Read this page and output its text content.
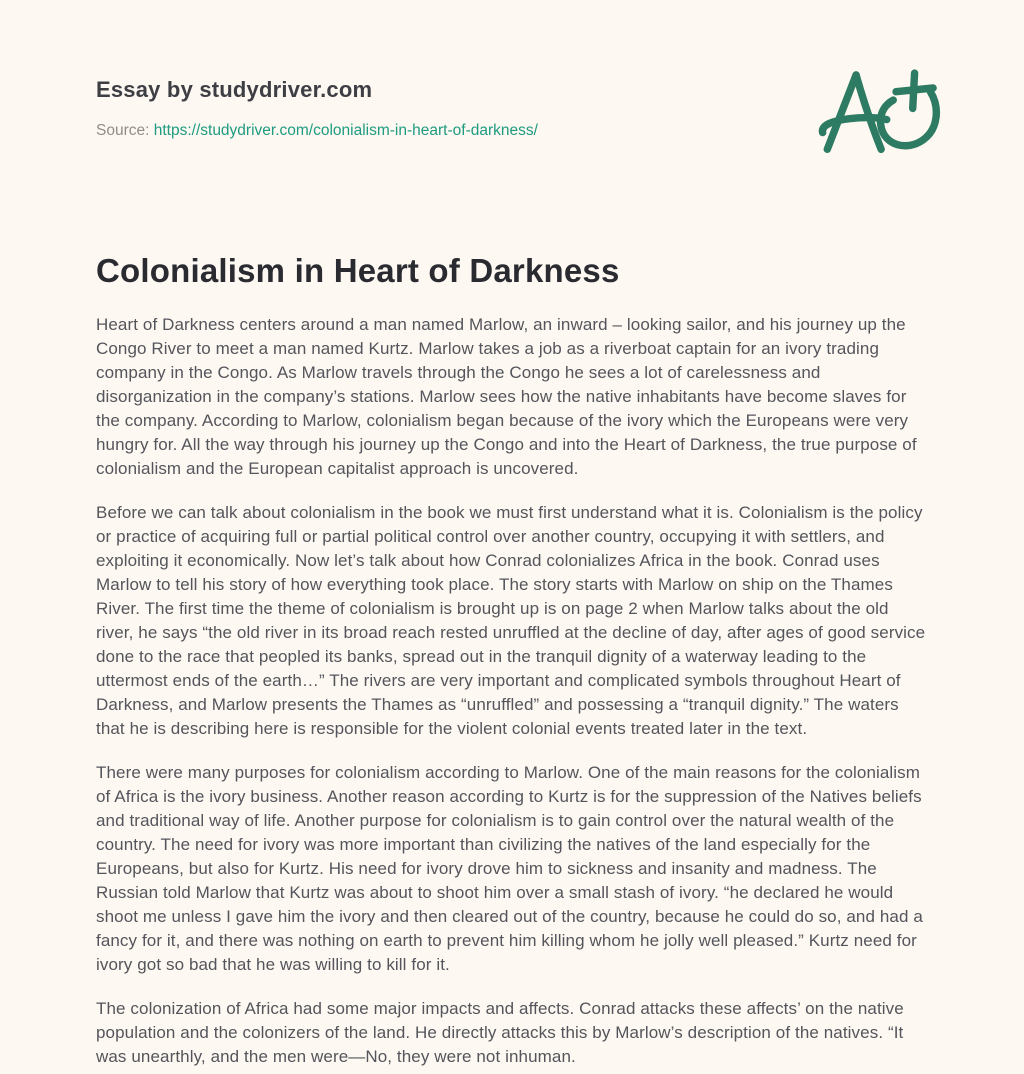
Essay by studydriver.com
Source: https://studydriver.com/colonialism-in-heart-of-darkness/
Colonialism in Heart of Darkness

Heart of Darkness centers around a man named Marlow, an inward – looking sailor, and his journey up the Congo River to meet a man named Kurtz. Marlow takes a job as a riverboat captain for an ivory trading company in the Congo. As Marlow travels through the Congo he sees a lot of carelessness and disorganization in the company’s stations. Marlow sees how the native inhabitants have become slaves for the company. According to Marlow, colonialism began because of the ivory which the Europeans were very hungry for. All the way through his journey up the Congo and into the Heart of Darkness, the true purpose of colonialism and the European capitalist approach is uncovered.

Before we can talk about colonialism in the book we must first understand what it is. Colonialism is the policy or practice of acquiring full or partial political control over another country, occupying it with settlers, and exploiting it economically. Now let’s talk about how Conrad colonializes Africa in the book. Conrad uses Marlow to tell his story of how everything took place. The story starts with Marlow on ship on the Thames River. The first time the theme of colonialism is brought up is on page 2 when Marlow talks about the old river, he says “the old river in its broad reach rested unruffled at the decline of day, after ages of good service done to the race that peopled its banks, spread out in the tranquil dignity of a waterway leading to the uttermost ends of the earth…” The rivers are very important and complicated symbols throughout Heart of Darkness, and Marlow presents the Thames as “unruffled” and possessing a “tranquil dignity.” The waters that he is describing here is responsible for the violent colonial events treated later in the text.

There were many purposes for colonialism according to Marlow. One of the main reasons for the colonialism of Africa is the ivory business. Another reason according to Kurtz is for the suppression of the Natives beliefs and traditional way of life. Another purpose for colonialism is to gain control over the natural wealth of the country. The need for ivory was more important than civilizing the natives of the land especially for the Europeans, but also for Kurtz. His need for ivory drove him to sickness and insanity and madness. The Russian told Marlow that Kurtz was about to shoot him over a small stash of ivory. “he declared he would shoot me unless I gave him the ivory and then cleared out of the country, because he could do so, and had a fancy for it, and there was nothing on earth to prevent him killing whom he jolly well pleased.” Kurtz need for ivory got so bad that he was willing to kill for it.

The colonization of Africa had some major impacts and affects. Conrad attacks these affects’ on the native population and the colonizers of the land. He directly attacks this by Marlow’s description of the natives. “It was unearthly, and the men were—No, they were not inhuman.
